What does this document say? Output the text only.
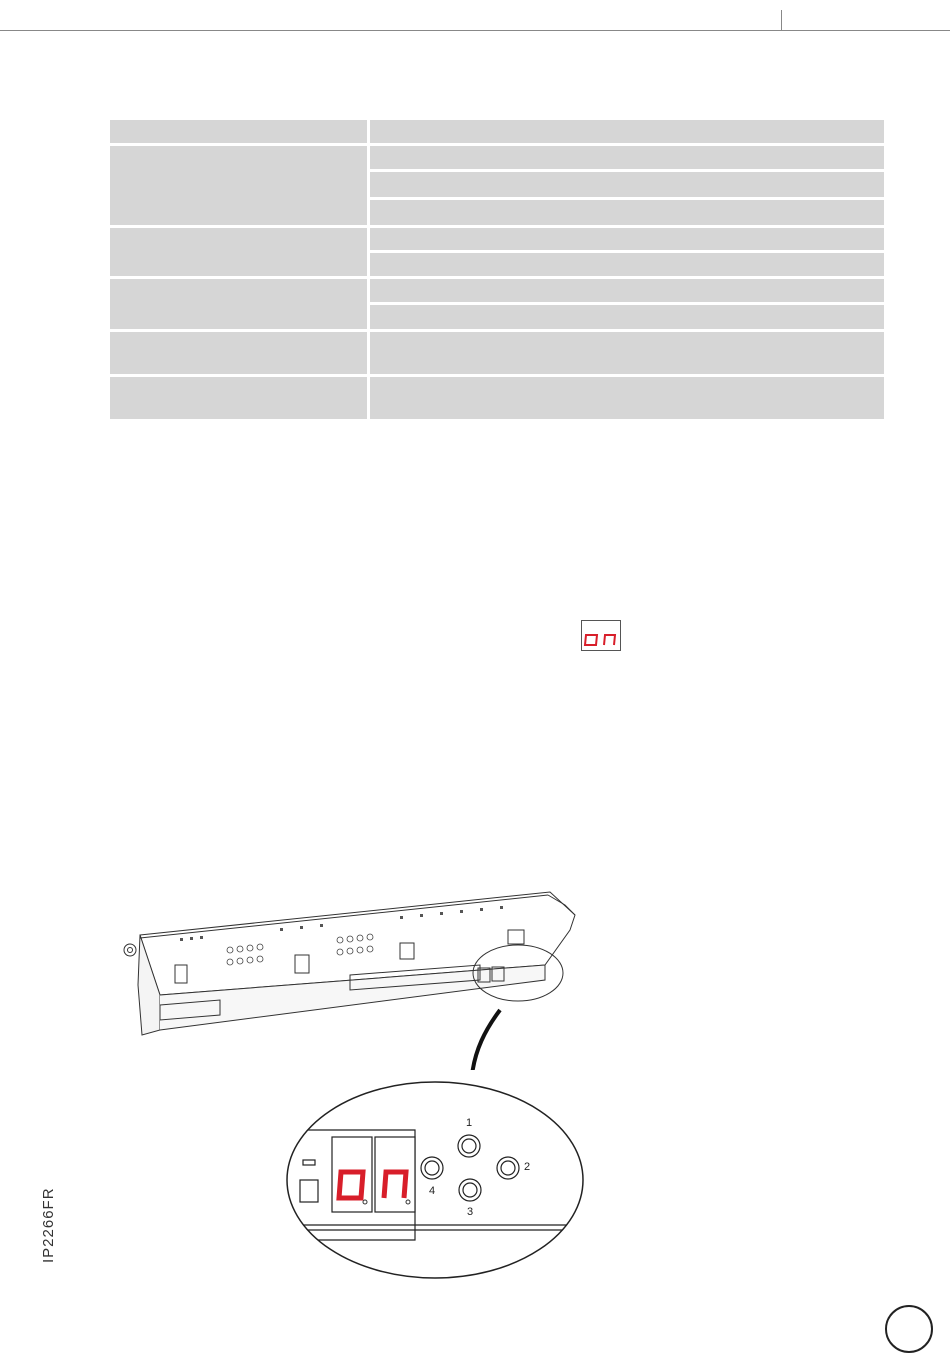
1
2
3
4
IP2266FR
